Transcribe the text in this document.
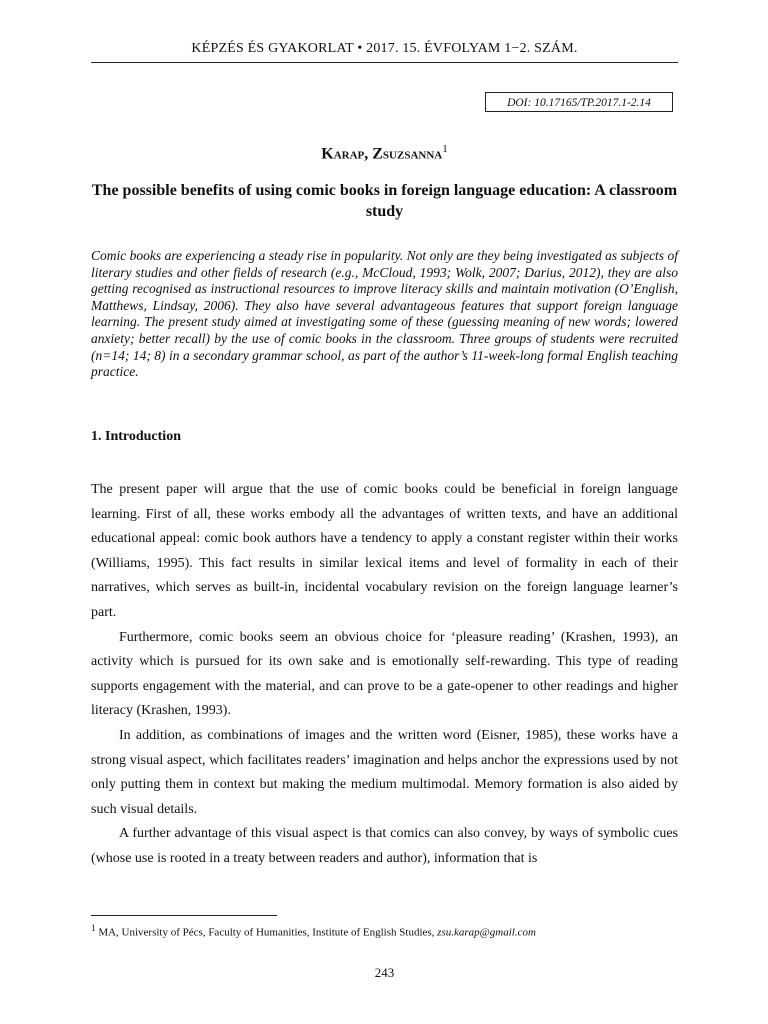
KÉPZÉS ÉS GYAKORLAT • 2017. 15. ÉVFOLYAM 1−2. SZÁM.
DOI: 10.17165/TP.2017.1-2.14
Karap, Zsuzsanna$^1$
The possible benefits of using comic books in foreign language education: A classroom study

Comic books are experiencing a steady rise in popularity. Not only are they being investigated as subjects of literary studies and other fields of research (e.g., McCloud, 1993; Wolk, 2007; Darius, 2012), they are also getting recognised as instructional resources to improve literacy skills and maintain motivation (O’English, Matthews, Lindsay, 2006). They also have several advantageous features that support foreign language learning. The present study aimed at investigating some of these (guessing meaning of new words; lowered anxiety; better recall) by the use of comic books in the classroom. Three groups of students were recruited (n=14; 14; 8) in a secondary grammar school, as part of the author’s 11-week-long formal English teaching practice.

1. Introduction

The present paper will argue that the use of comic books could be beneficial in foreign language learning. First of all, these works embody all the advantages of written texts, and have an additional educational appeal: comic book authors have a tendency to apply a constant register within their works (Williams, 1995). This fact results in similar lexical items and level of formality in each of their narratives, which serves as built-in, incidental vocabulary revision on the foreign language learner’s part.

Furthermore, comic books seem an obvious choice for ‘pleasure reading’ (Krashen, 1993), an activity which is pursued for its own sake and is emotionally self-rewarding. This type of reading supports engagement with the material, and can prove to be a gate-opener to other readings and higher literacy (Krashen, 1993).

In addition, as combinations of images and the written word (Eisner, 1985), these works have a strong visual aspect, which facilitates readers’ imagination and helps anchor the expressions used by not only putting them in context but making the medium multimodal. Memory formation is also aided by such visual details.

A further advantage of this visual aspect is that comics can also convey, by ways of symbolic cues (whose use is rooted in a treaty between readers and author), information that is

$^1$ MA, University of Pécs, Faculty of Humanities, Institute of English Studies, zsu.karap@gmail.com
243
